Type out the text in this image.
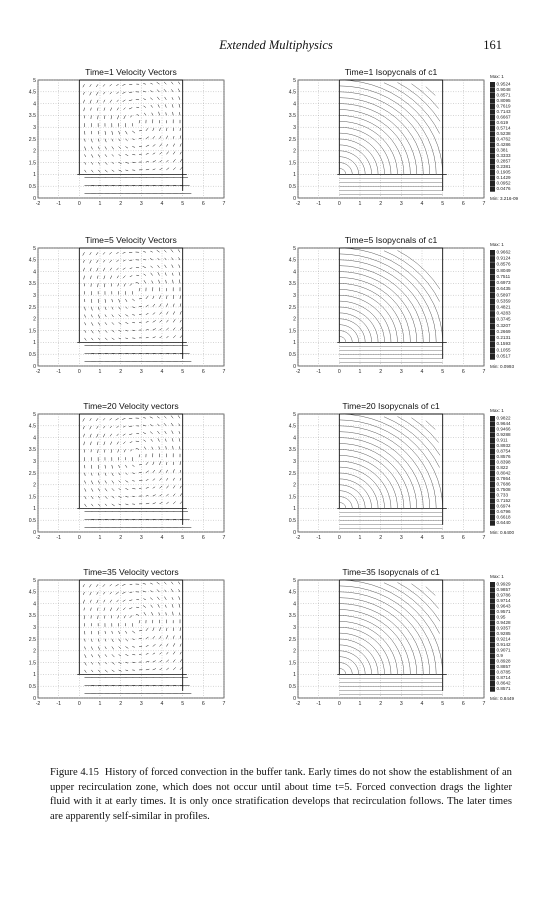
Extended Multiphysics	161
Time=1 Velocity Vectors
-2	-1	0	1	2	3	4	5	6	7
0
0.5
1
1.5
2
2.5
3
3.5
4
4.5
5
Time=1 Isopycnals of c1
-2	-1	0	1	2	3	4	5	6	7
0
0.5
1
1.5
2
2.5
3
3.5
4
4.5
5
Max: 1
0.9524
0.9048
0.8571
0.8095
0.7619
0.7143
0.6667
0.619
0.5714
0.5238
0.4762
0.4286
0.381
0.3333
0.2857
0.2381
0.1905
0.1429
0.0952
0.0476
Min: 3.216-09
Time=5 Velocity Vectors
-2	-1	0	1	2	3	4	5	6	7
0
0.5
1
1.5
2
2.5
3
3.5
4
4.5
5
Time=5 Isopycnals of c1
-2	-1	0	1	2	3	4	5	6	7
0
0.5
1
1.5
2
2.5
3
3.5
4
4.5
5
Max: 1
0.9662
0.9124
0.8576
0.8049
0.7511
0.6973
0.6435
0.5897
0.5359
0.4821
0.4283
0.3745
0.3207
0.2669
0.2131
0.1593
0.1055
0.0517
Min: 0.0993
Time=20 Velocity vectors
-2	-1	0	1	2	3	4	5	6	7
0
0.5
1
1.5
2
2.5
3
3.5
4
4.5
5
Time=20 Isopycnals of c1
-2	-1	0	1	2	3	4	5	6	7
0
0.5
1
1.5
2
2.5
3
3.5
4
4.5
5
Max: 1
0.9822
0.9644
0.9466
0.9288
0.911
0.8932
0.8754
0.8576
0.8398
0.822
0.8042
0.7864
0.7686
0.7508
0.733
0.7152
0.6974
0.6796
0.6618
0.6440
Min: 0.6400
Time=35 Velocity vectors
-2	-1	0	1	2	3	4	5	6	7
0
0.5
1
1.5
2
2.5
3
3.5
4
4.5
5
Time=35 Isopycnals of c1
-2	-1	0	1	2	3	4	5	6	7
0
0.5
1
1.5
2
2.5
3
3.5
4
4.5
5
Max: 1
0.9929
0.9857
0.9786
0.9714
0.9643
0.9571
0.95
0.9428
0.9357
0.9285
0.9214
0.9142
0.9071
0.9
0.8928
0.8857
0.8785
0.8714
0.8642
0.8571
Min: 0.8449
Figure 4.15 History of forced convection in the buffer tank. Early times do not show the establishment of an upper recirculation zone, which does not occur until about time t=5. Forced convection drags the lighter fluid with it at early times. It is only once stratification develops that recirculation follows. The later times are apparently self-similar in profiles.
